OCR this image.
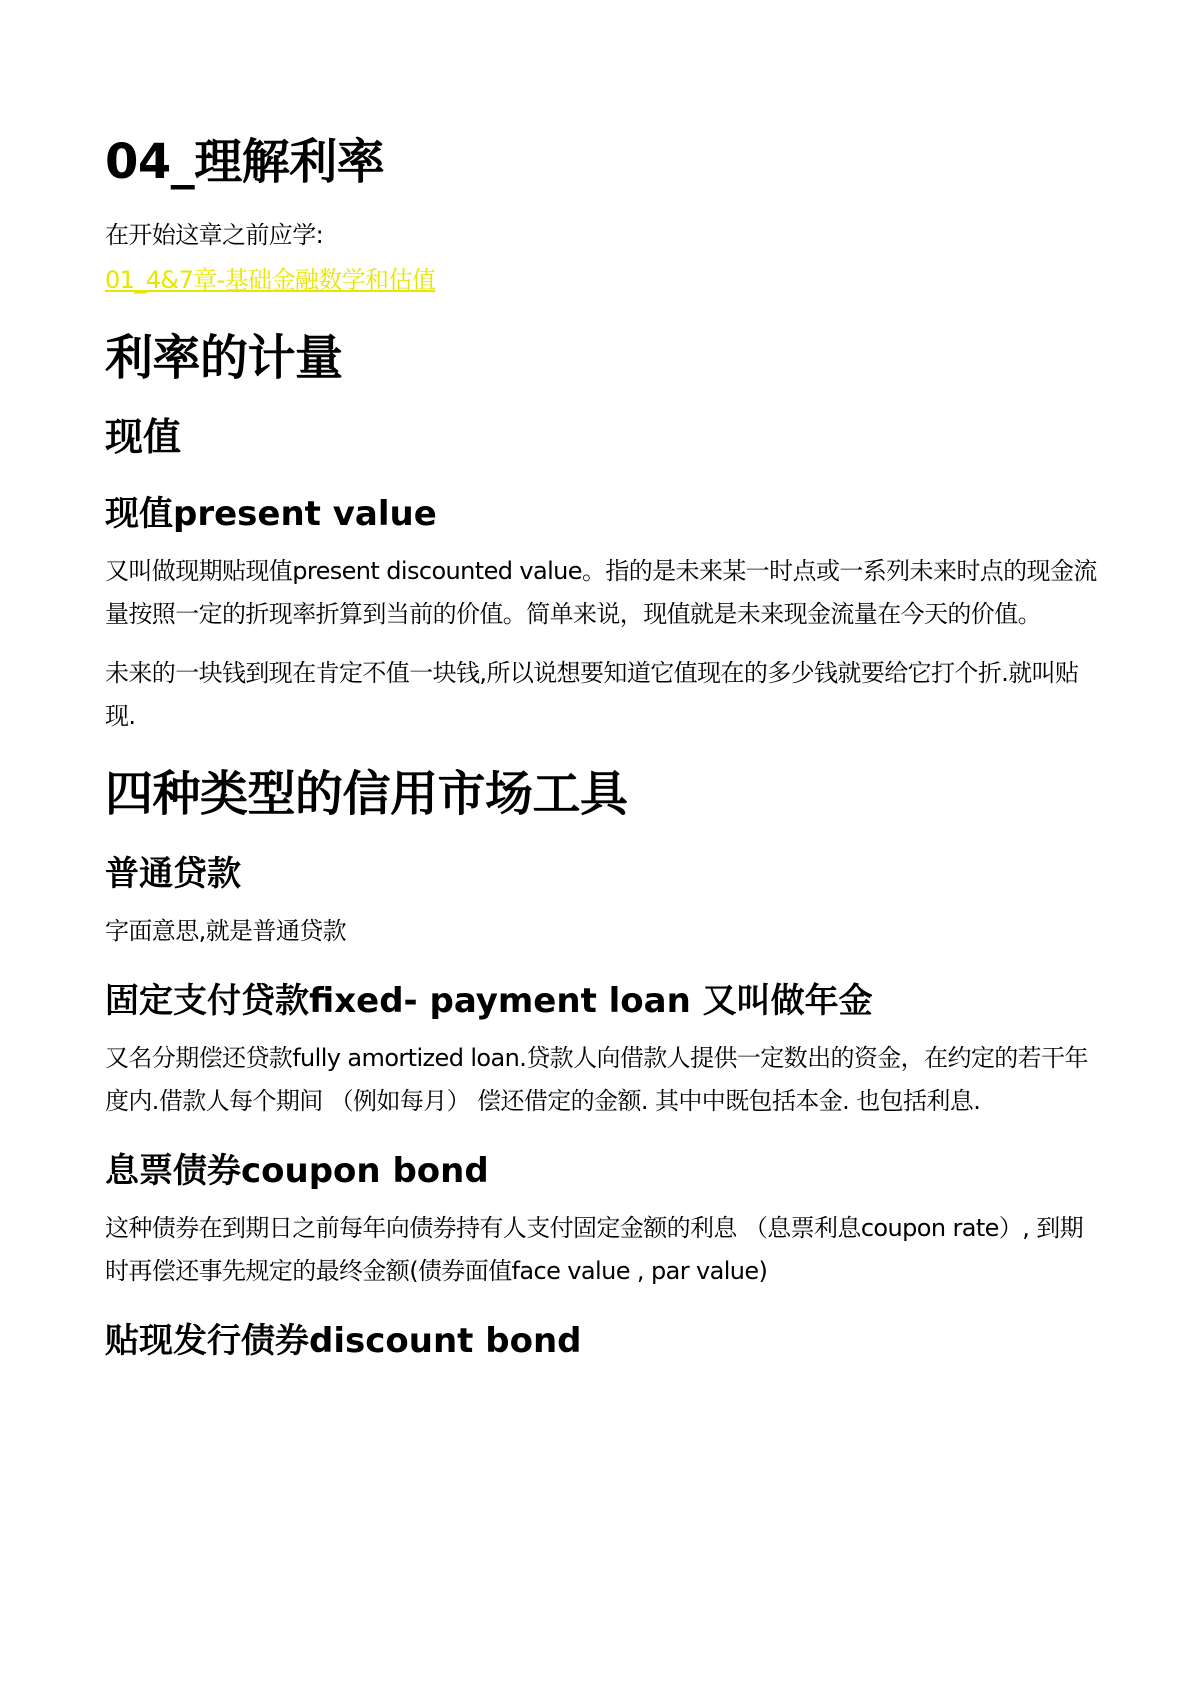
04_理解利率
在开始这章之前应学:
01_4&7章-基础金融数学和估值
利率的计量
现值
现值present value

又叫做现期贴现值present discounted value。指的是未来某一时点或一系列未来时点的现金流量按照一定的折现率折算到当前的价值。简单来说，现值就是未来现金流量在今天的价值。

未来的一块钱到现在肯定不值一块钱,所以说想要知道它值现在的多少钱就要给它打个折.就叫贴现.

四种类型的信用市场工具
普通贷款

字面意思,就是普通贷款

固定支付贷款fixed- payment loan 又叫做年金

又名分期偿还贷款fully amortized loan.贷款人向借款人提供一定数出的资金，在约定的若干年度内.借款人每个期间 （例如每月） 偿还借定的金额. 其中中既包括本金. 也包括利息.

息票债券coupon bond

这种债券在到期日之前每年向债券持有人支付固定金额的利息 （息票利息coupon rate）, 到期时再偿还事先规定的最终金额(债券面值face value , par value)

贴现发行债券discount bond
